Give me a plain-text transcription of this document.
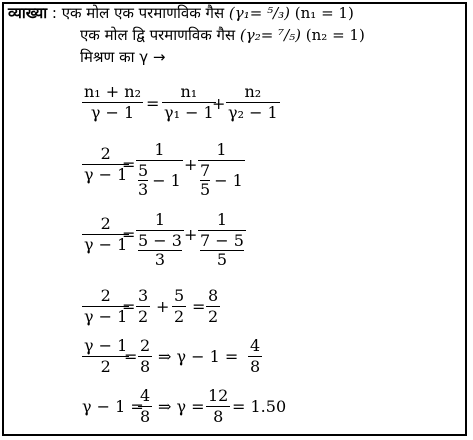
व्याख्या : एक मोल एक परमाणविक गैस (γ₁= ⁵/₃) (n₁ = 1)
एक मोल द्वि परमाणविक गैस (γ₂= ⁷/₅) (n₂ = 1)
मिश्रण का γ →
n₁ + n₂
γ − 1 =
n₁
γ₁ − 1
+
n₂
γ₂ − 1
2
γ − 1
=
1
5
3 − 1
+
1
7
5 − 1
2
γ − 1
=
1
5 − 3
3
+
1
7 − 5
5
2
γ − 1
=
3
2
+
5
2
=
8
2
γ − 1
2
=
2
8
⇒ γ − 1 =
4
8
γ − 1 =
4
8
⇒ γ =
12
8
= 1.50
